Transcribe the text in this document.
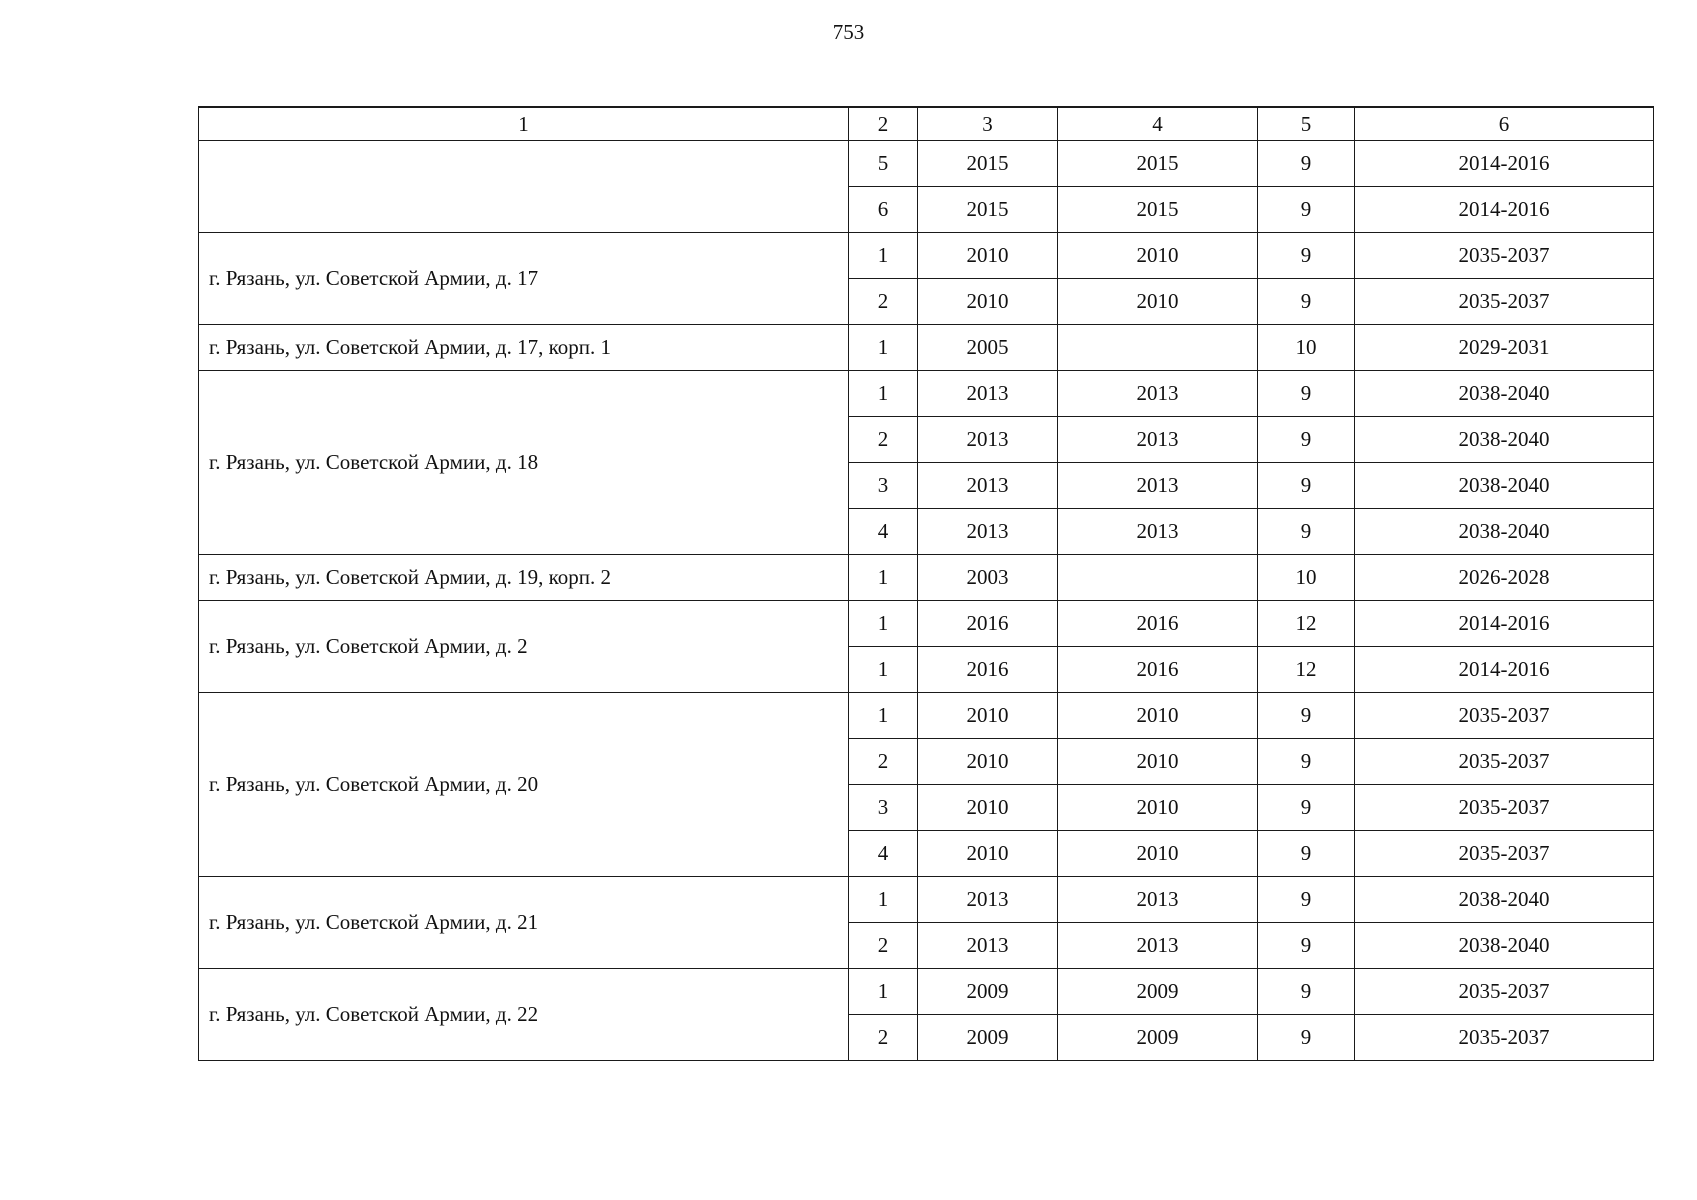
753
1	2	3	4	5	6
	5	2015	2015	9	2014-2016
	6	2015	2015	9	2014-2016
г. Рязань, ул. Советской Армии, д. 17	1	2010	2010	9	2035-2037
	2	2010	2010	9	2035-2037
г. Рязань, ул. Советской Армии, д. 17, корп. 1	1	2005		10	2029-2031
г. Рязань, ул. Советской Армии, д. 18	1	2013	2013	9	2038-2040
	2	2013	2013	9	2038-2040
	3	2013	2013	9	2038-2040
	4	2013	2013	9	2038-2040
г. Рязань, ул. Советской Армии, д. 19, корп. 2	1	2003		10	2026-2028
г. Рязань, ул. Советской Армии, д. 2	1	2016	2016	12	2014-2016
	1	2016	2016	12	2014-2016
г. Рязань, ул. Советской Армии, д. 20	1	2010	2010	9	2035-2037
	2	2010	2010	9	2035-2037
	3	2010	2010	9	2035-2037
	4	2010	2010	9	2035-2037
г. Рязань, ул. Советской Армии, д. 21	1	2013	2013	9	2038-2040
	2	2013	2013	9	2038-2040
г. Рязань, ул. Советской Армии, д. 22	1	2009	2009	9	2035-2037
	2	2009	2009	9	2035-2037
